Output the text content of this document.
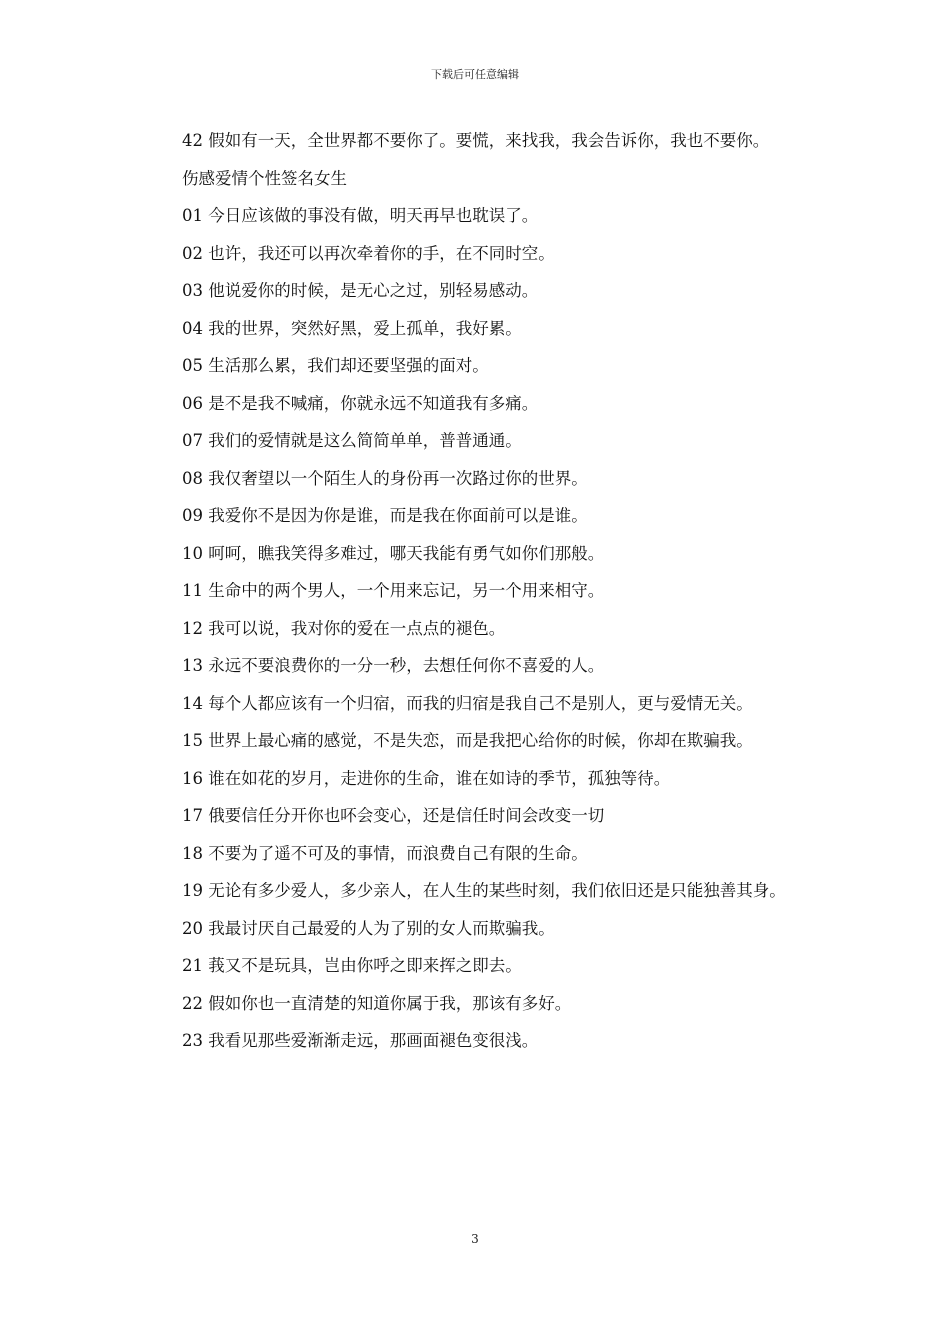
下载后可任意编辑

42 假如有一天，全世界都不要你了。要慌，来找我，我会告诉你，我也不要你。

伤感爱情个性签名女生

01 今日应该做的事没有做，明天再早也耽误了。

02 也许，我还可以再次牵着你的手，在不同时空。

03 他说爱你的时候，是无心之过，别轻易感动。

04 我的世界，突然好黑，爱上孤单，我好累。

05 生活那么累，我们却还要坚强的面对。

06 是不是我不喊痛，你就永远不知道我有多痛。

07 我们的爱情就是这么简简单单，普普通通。

08 我仅奢望以一个陌生人的身份再一次路过你的世界。

09 我爱你不是因为你是谁，而是我在你面前可以是谁。

10 呵呵，瞧我笑得多难过，哪天我能有勇气如你们那般。

11 生命中的两个男人，一个用来忘记，另一个用来相守。

12 我可以说，我对你的爱在一点点的褪色。

13 永远不要浪费你的一分一秒，去想任何你不喜爱的人。

14 每个人都应该有一个归宿，而我的归宿是我自己不是别人，更与爱情无关。

15 世界上最心痛的感觉，不是失恋，而是我把心给你的时候，你却在欺骗我。

16 谁在如花的岁月，走进你的生命，谁在如诗的季节，孤独等待。

17 俄要信任分开你也吥会变心，还是信任时间会改变一切

18 不要为了遥不可及的事情，而浪费自己有限的生命。

19 无论有多少爱人，多少亲人，在人生的某些时刻，我们依旧还是只能独善其身。

20 我最讨厌自己最爱的人为了别的女人而欺骗我。

21 莪又不是玩具，岂由你呼之即来挥之即去。

22 假如你也一直清楚的知道你属于我，那该有多好。

23 我看见那些爱渐渐走远，那画面褪色变很浅。

3
